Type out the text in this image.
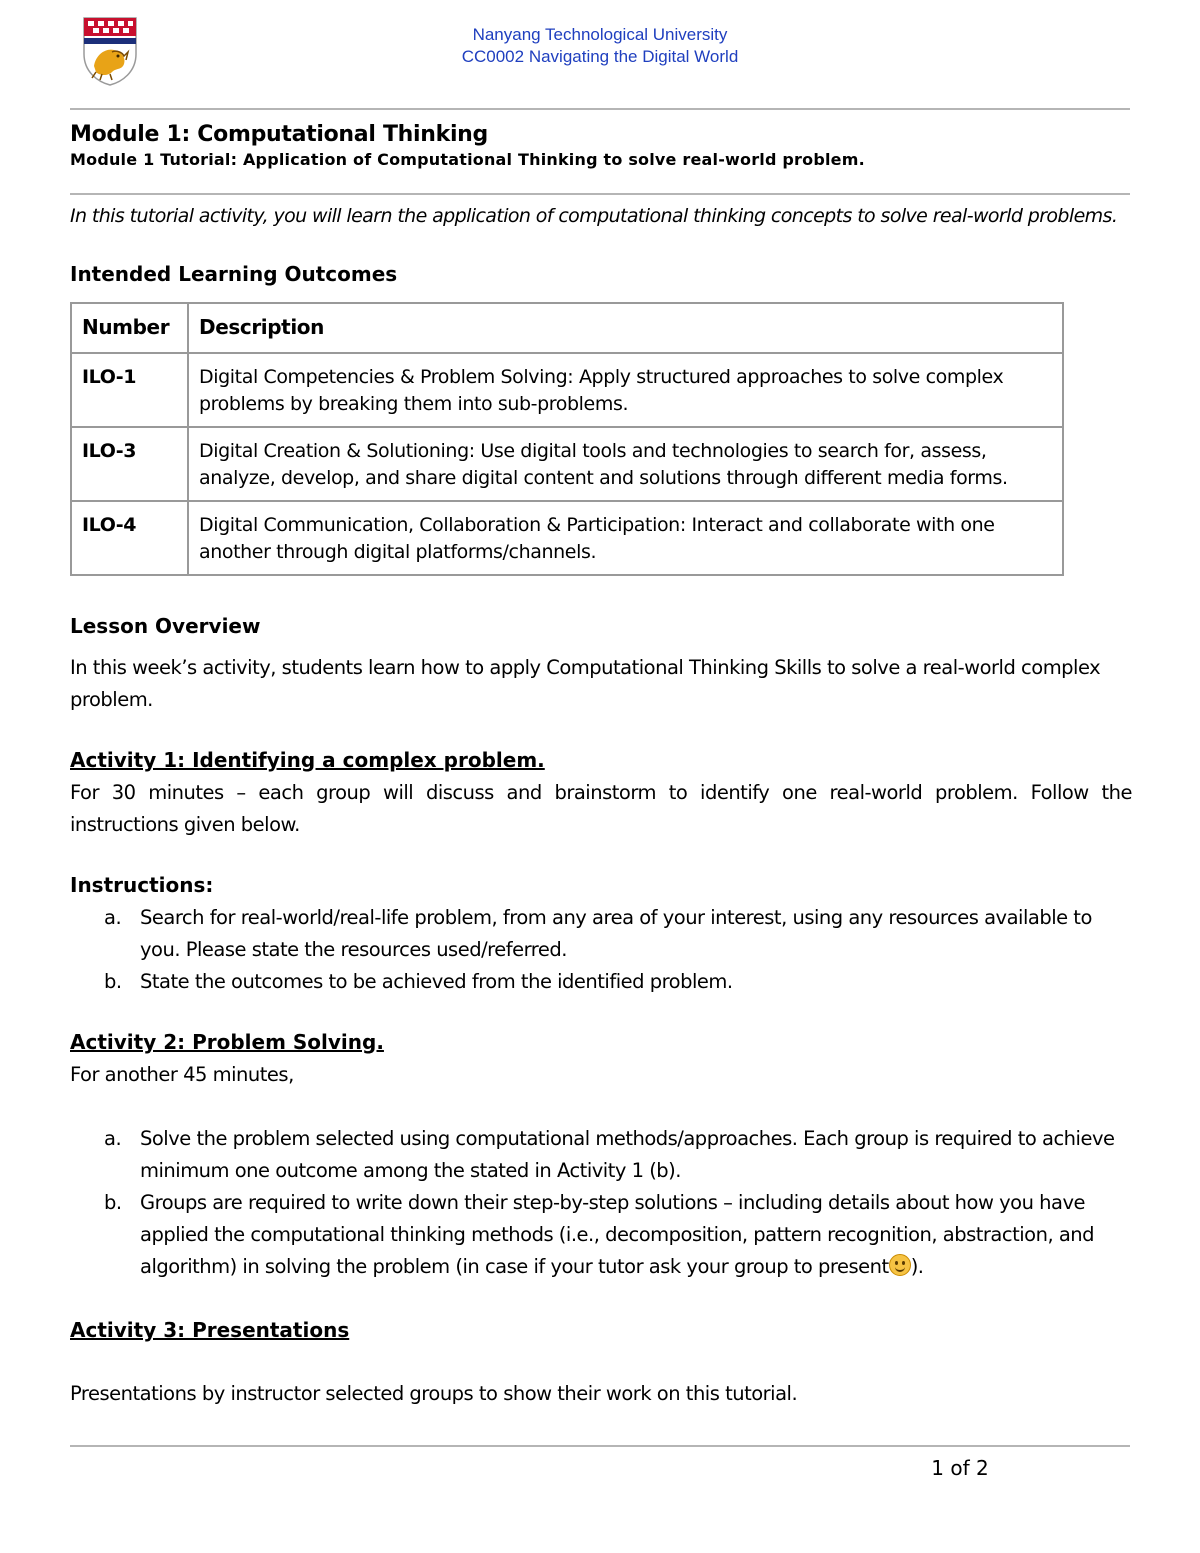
Nanyang Technological University
CC0002 Navigating the Digital World
Module 1: Computational Thinking
Module 1 Tutorial: Application of Computational Thinking to solve real-world problem.
In this tutorial activity, you will learn the application of computational thinking concepts to solve real-world problems.
Intended Learning Outcomes
Number	Description
ILO-1	Digital Competencies & Problem Solving: Apply structured approaches to solve complex problems by breaking them into sub-problems.
ILO-3	Digital Creation & Solutioning: Use digital tools and technologies to search for, assess, analyze, develop, and share digital content and solutions through different media forms.
ILO-4	Digital Communication, Collaboration & Participation: Interact and collaborate with one another through digital platforms/channels.
Lesson Overview
In this week’s activity, students learn how to apply Computational Thinking Skills to solve a real-world complex problem.
Activity 1: Identifying a complex problem.
For 30 minutes – each group will discuss and brainstorm to identify one real-world problem. Follow the instructions given below.
Instructions:
a. Search for real-world/real-life problem, from any area of your interest, using any resources available to you. Please state the resources used/referred.
b. State the outcomes to be achieved from the identified problem.
Activity 2: Problem Solving.
For another 45 minutes,
a. Solve the problem selected using computational methods/approaches. Each group is required to achieve minimum one outcome among the stated in Activity 1 (b).
b. Groups are required to write down their step-by-step solutions – including details about how you have applied the computational thinking methods (i.e., decomposition, pattern recognition, abstraction, and algorithm) in solving the problem (in case if your tutor ask your group to present ).
Activity 3: Presentations
Presentations by instructor selected groups to show their work on this tutorial.
1 of 2
